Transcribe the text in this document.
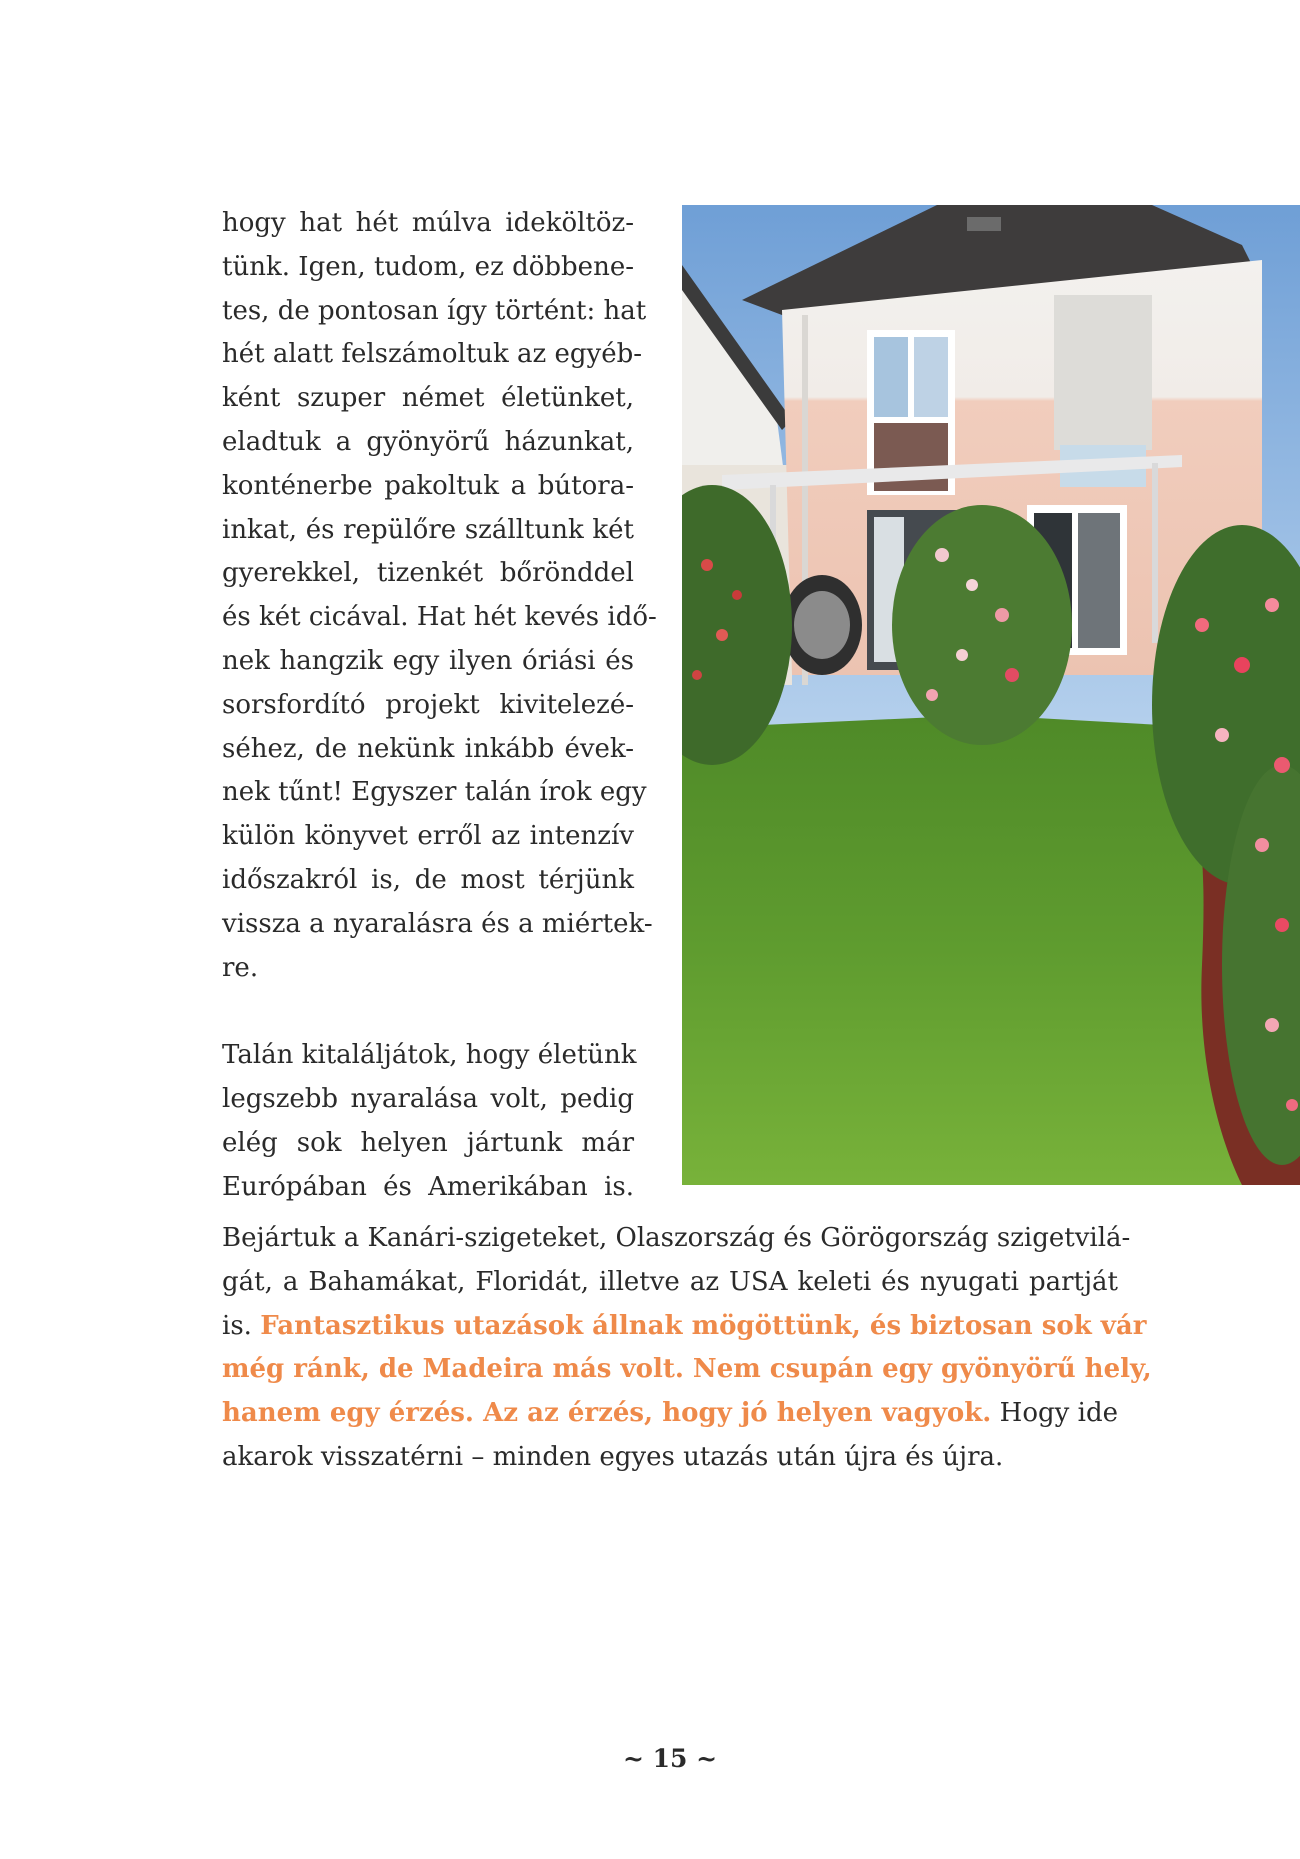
hogy hat hét múlva ideköltöz-
tünk. Igen, tudom, ez döbbene-
tes, de pontosan így történt: hat
hét alatt felszámoltuk az egyéb-
ként szuper német életünket,
eladtuk a gyönyörű házunkat,
konténerbe pakoltuk a bútora-
inkat, és repülőre szálltunk két
gyerekkel, tizenkét bőrönddel
és két cicával. Hat hét kevés idő-
nek hangzik egy ilyen óriási és
sorsfordító projekt kivitelezé-
séhez, de nekünk inkább évek-
nek tűnt! Egyszer talán írok egy
külön könyvet erről az intenzív
időszakról is, de most térjünk
vissza a nyaralásra és a miértek-
re.
Talán kitaláljátok, hogy életünk
legszebb nyaralása volt, pedig
elég sok helyen jártunk már
Európában és Amerikában is.
Bejártuk a Kanári-szigeteket, Olaszország és Görögország szigetvilá-
gát, a Bahamákat, Floridát, illetve az USA keleti és nyugati partját
is. Fantasztikus utazások állnak mögöttünk, és biztosan sok vár
még ránk, de Madeira más volt. Nem csupán egy gyönyörű hely,
hanem egy érzés. Az az érzés, hogy jó helyen vagyok. Hogy ide
akarok visszatérni – minden egyes utazás után újra és újra.
~ 15 ~
